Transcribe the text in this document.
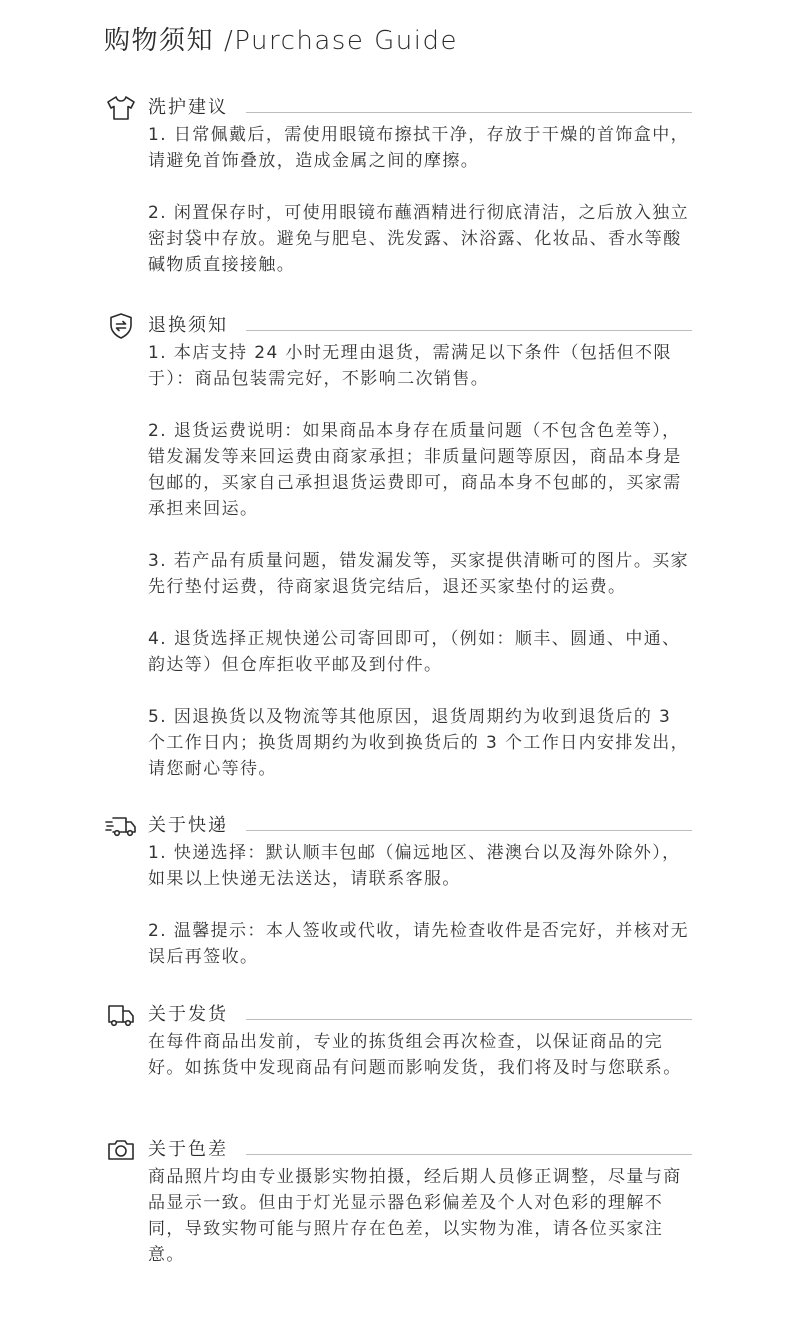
购物须知 /Purchase Guide
洗护建议

1. 日常佩戴后，需使用眼镜布擦拭干净，存放于干燥的首饰盒中，请避免首饰叠放，造成金属之间的摩擦。

2. 闲置保存时，可使用眼镜布蘸酒精进行彻底清洁，之后放入独立密封袋中存放。避免与肥皂、洗发露、沐浴露、化妆品、香水等酸碱物质直接接触。

退换须知

1. 本店支持 24 小时无理由退货，需满足以下条件（包括但不限于）：商品包装需完好，不影响二次销售。

2. 退货运费说明：如果商品本身存在质量问题（不包含色差等），错发漏发等来回运费由商家承担；非质量问题等原因，商品本身是包邮的，买家自己承担退货运费即可，商品本身不包邮的，买家需承担来回运。

3. 若产品有质量问题，错发漏发等，买家提供清晰可的图片。买家先行垫付运费，待商家退货完结后，退还买家垫付的运费。

4. 退货选择正规快递公司寄回即可，（例如：顺丰、圆通、中通、韵达等）但仓库拒收平邮及到付件。

5. 因退换货以及物流等其他原因，退货周期约为收到退货后的 3 个工作日内；换货周期约为收到换货后的 3 个工作日内安排发出，请您耐心等待。

关于快递

1. 快递选择：默认顺丰包邮（偏远地区、港澳台以及海外除外），如果以上快递无法送达，请联系客服。

2. 温馨提示：本人签收或代收，请先检查收件是否完好，并核对无误后再签收。

关于发货

在每件商品出发前，专业的拣货组会再次检查，以保证商品的完好。如拣货中发现商品有问题而影响发货，我们将及时与您联系。

关于色差

商品照片均由专业摄影实物拍摄，经后期人员修正调整，尽量与商品显示一致。但由于灯光显示器色彩偏差及个人对色彩的理解不同，导致实物可能与照片存在色差，以实物为准，请各位买家注意。
